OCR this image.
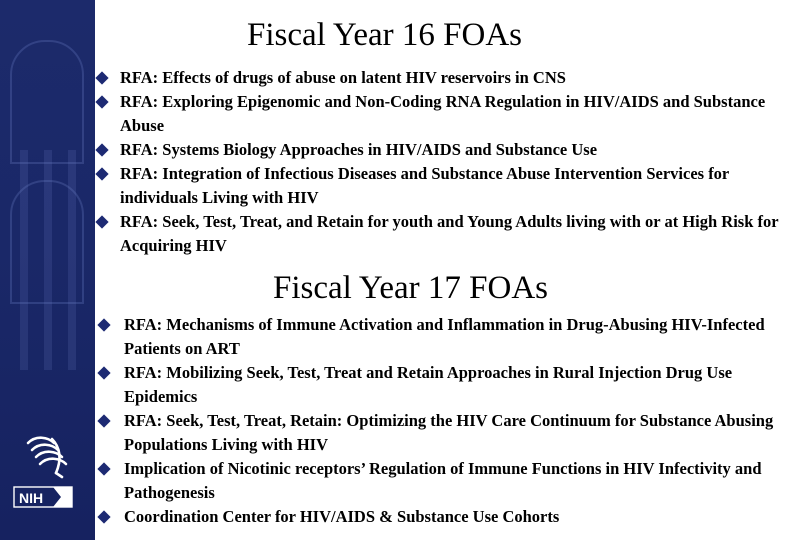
NIH
Fiscal Year 16 FOAs
RFA: Effects of drugs of abuse on latent HIV reservoirs in CNS
RFA: Exploring Epigenomic and Non-Coding RNA Regulation in HIV/AIDS and Substance Abuse
RFA: Systems Biology Approaches in HIV/AIDS and Substance Use
RFA: Integration of Infectious Diseases and Substance Abuse Intervention Services for individuals Living with HIV
RFA: Seek, Test, Treat, and Retain for youth and Young Adults living with or at High Risk for Acquiring HIV
Fiscal Year 17 FOAs
RFA: Mechanisms of Immune Activation and Inflammation in Drug-Abusing HIV-Infected Patients on ART
RFA: Mobilizing Seek, Test, Treat and Retain Approaches in Rural Injection Drug Use Epidemics
RFA: Seek, Test, Treat, Retain: Optimizing the HIV Care Continuum for Substance Abusing Populations Living with HIV
Implication of Nicotinic receptors’ Regulation of Immune Functions in HIV Infectivity and Pathogenesis
Coordination Center for HIV/AIDS & Substance Use Cohorts
